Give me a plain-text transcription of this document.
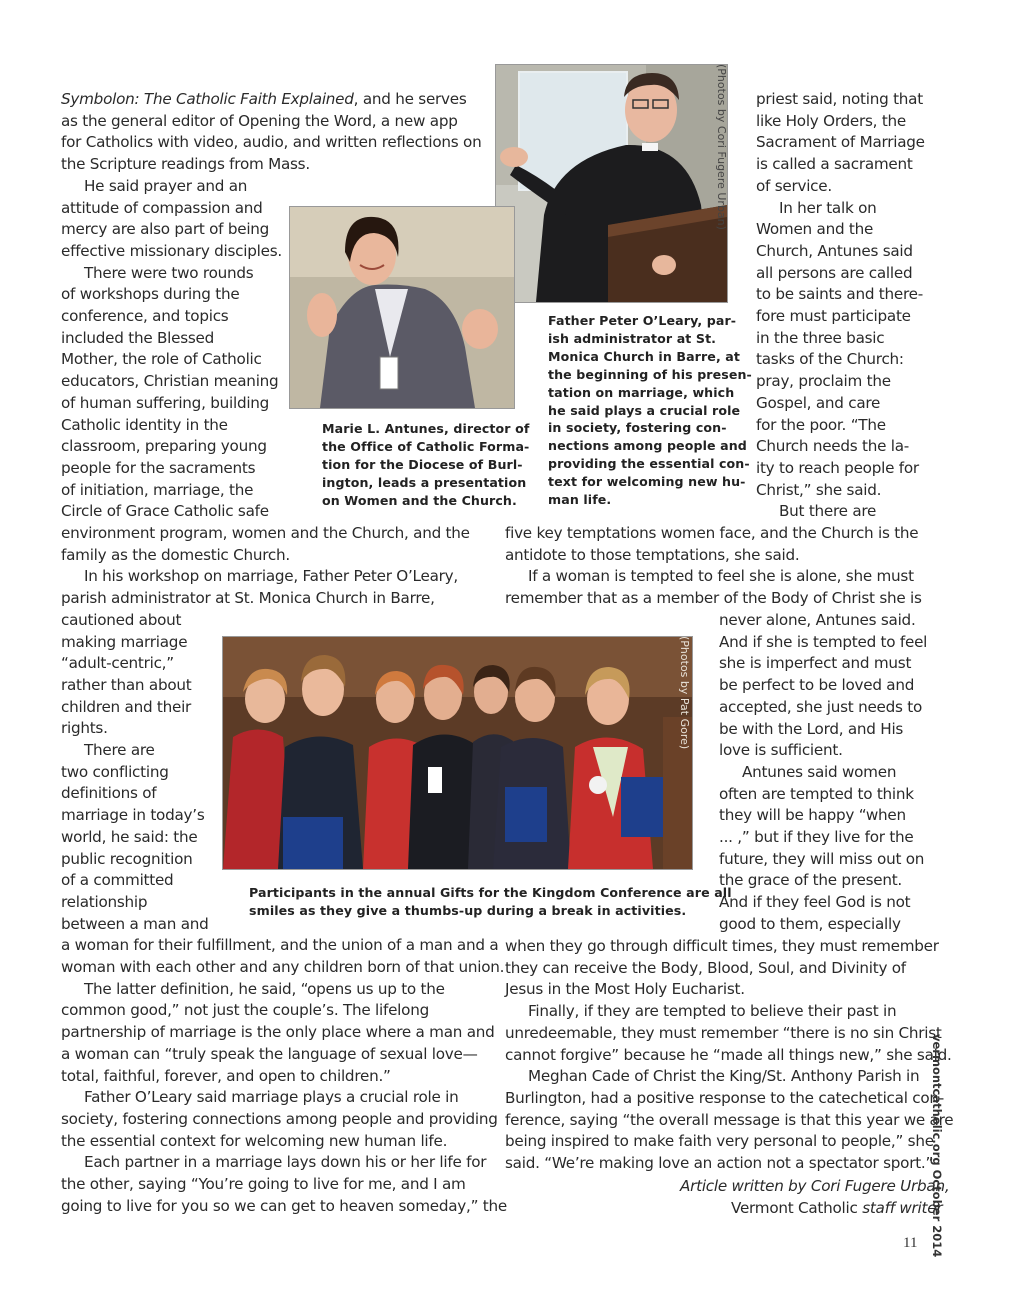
Symbolon: The Catholic Faith Explained, and he serves
as the general editor of Opening the Word, a new app
for Catholics with video, audio, and written reflections on
the Scripture readings from Mass.
He said prayer and an
attitude of compassion and
mercy are also part of being
effective missionary disciples.
There were two rounds
of workshops during the
conference, and topics
included the Blessed
Mother, the role of Catholic
educators, Christian meaning
of human suffering, building
Catholic identity in the
classroom, preparing young
people for the sacraments
of initiation, marriage, the
Circle of Grace Catholic safe
environment program, women and the Church, and the
family as the domestic Church.
In his workshop on marriage, Father Peter O’Leary,
parish administrator at St. Monica Church in Barre,
cautioned about
making marriage
“adult-centric,”
rather than about
children and their
rights.
There are
two conflicting
definitions of
marriage in today’s
world, he said: the
public recognition
of a committed
relationship
between a man and
a woman for their fulfillment, and the union of a man and a
woman with each other and any children born of that union.
The latter definition, he said, “opens us up to the
common good,” not just the couple’s. The lifelong
partnership of marriage is the only place where a man and
a woman can “truly speak the language of sexual love—
total, faithful, forever, and open to children.”
Father O’Leary said marriage plays a crucial role in
society, fostering connections among people and providing
the essential context for welcoming new human life.
Each partner in a marriage lays down his or her life for
the other, saying “You’re going to live for me, and I am
going to live for you so we can get to heaven someday,” the
priest said, noting that
like Holy Orders, the
Sacrament of Marriage
is called a sacrament
of service.
In her talk on
Women and the
Church, Antunes said
all persons are called
to be saints and there-
fore must participate
in the three basic
tasks of the Church:
pray, proclaim the
Gospel, and care
for the poor. “The
Church needs the la-
ity to reach people for
Christ,” she said.
But there are
five key temptations women face, and the Church is the
antidote to those temptations, she said.
If a woman is tempted to feel she is alone, she must
remember that as a member of the Body of Christ she is
never alone, Antunes said.
And if she is tempted to feel
she is imperfect and must
be perfect to be loved and
accepted, she just needs to
be with the Lord, and His
love is sufficient.
Antunes said women
often are tempted to think
they will be happy “when
... ,” but if they live for the
future, they will miss out on
the grace of the present.
And if they feel God is not
good to them, especially
when they go through difficult times, they must remember
they can receive the Body, Blood, Soul, and Divinity of
Jesus in the Most Holy Eucharist.
Finally, if they are tempted to believe their past in
unredeemable, they must remember “there is no sin Christ
cannot forgive” because he “made all things new,” she said.
Meghan Cade of Christ the King/St. Anthony Parish in
Burlington, had a positive response to the catechetical con-
ference, saying “the overall message is that this year we are
being inspired to make faith very personal to people,” she
said. “We’re making love an action not a spectator sport.”
Article written by Cori Fugere Urban,
Vermont Catholic staff writer
(Photos by Cori Fugere Urban)
Marie L. Antunes, director of
the Office of Catholic Forma-
tion for the Diocese of Burl-
ington, leads a presentation
on Women and the Church.
Father Peter O’Leary, par-
ish administrator at St.
Monica Church in Barre, at
the beginning of his presen-
tation on marriage, which
he said plays a crucial role
in society, fostering con-
nections among people and
providing the essential con-
text for welcoming new hu-
man life.
(Photos by Pat Gore)
Participants in the annual Gifts for the Kingdom Conference are all
smiles as they give a thumbs-up during a break in activities.
vermontcatholic.org October 2014
11
